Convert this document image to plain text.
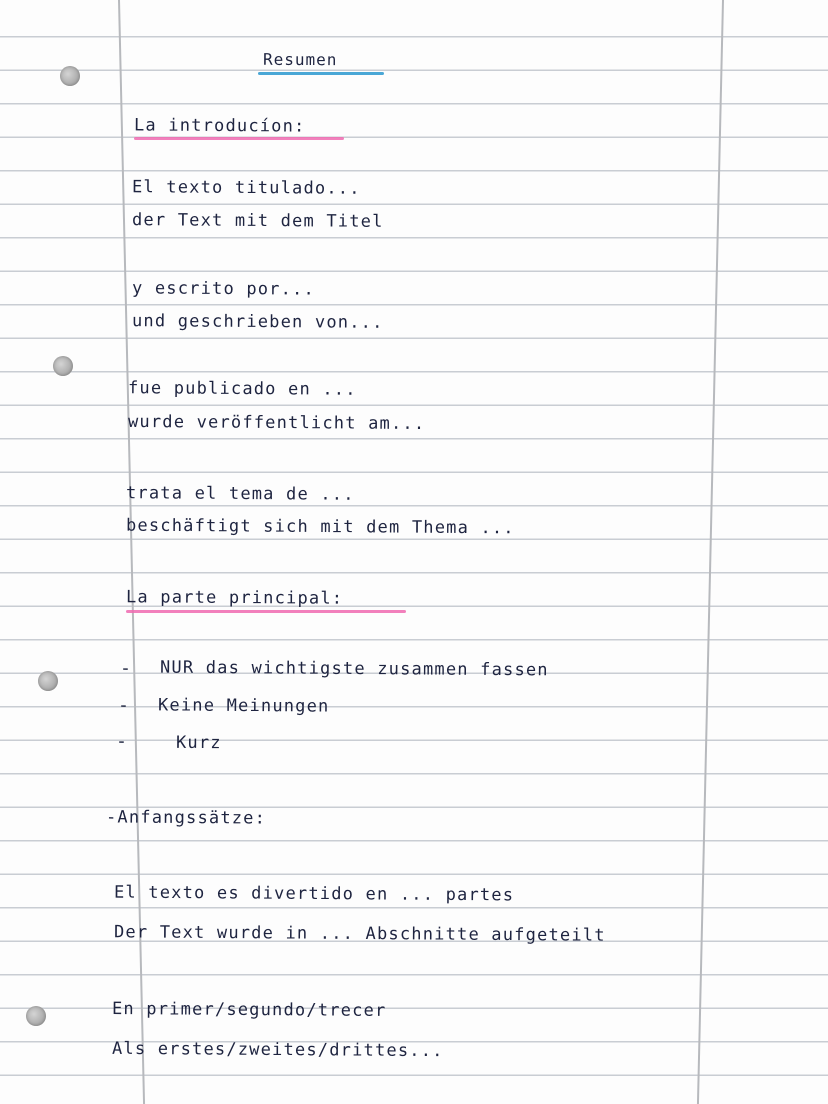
Resumen
La introducíon:
El texto titulado...
der Text mit dem Titel
y escrito por...
und geschrieben von...
fue publicado en ...
wurde veröffentlicht am...
trata el tema de ...
beschäftigt sich mit dem Thema ...
La parte principal:
- NUR das wichtigste zusammen fassen
- Keine Meinungen
-	Kurz
-Anfangssätze:
El texto es divertido en ... partes
Der Text wurde in ... Abschnitte aufgeteilt
En primer/segundo/trecer
Als erstes/zweites/drittes...
